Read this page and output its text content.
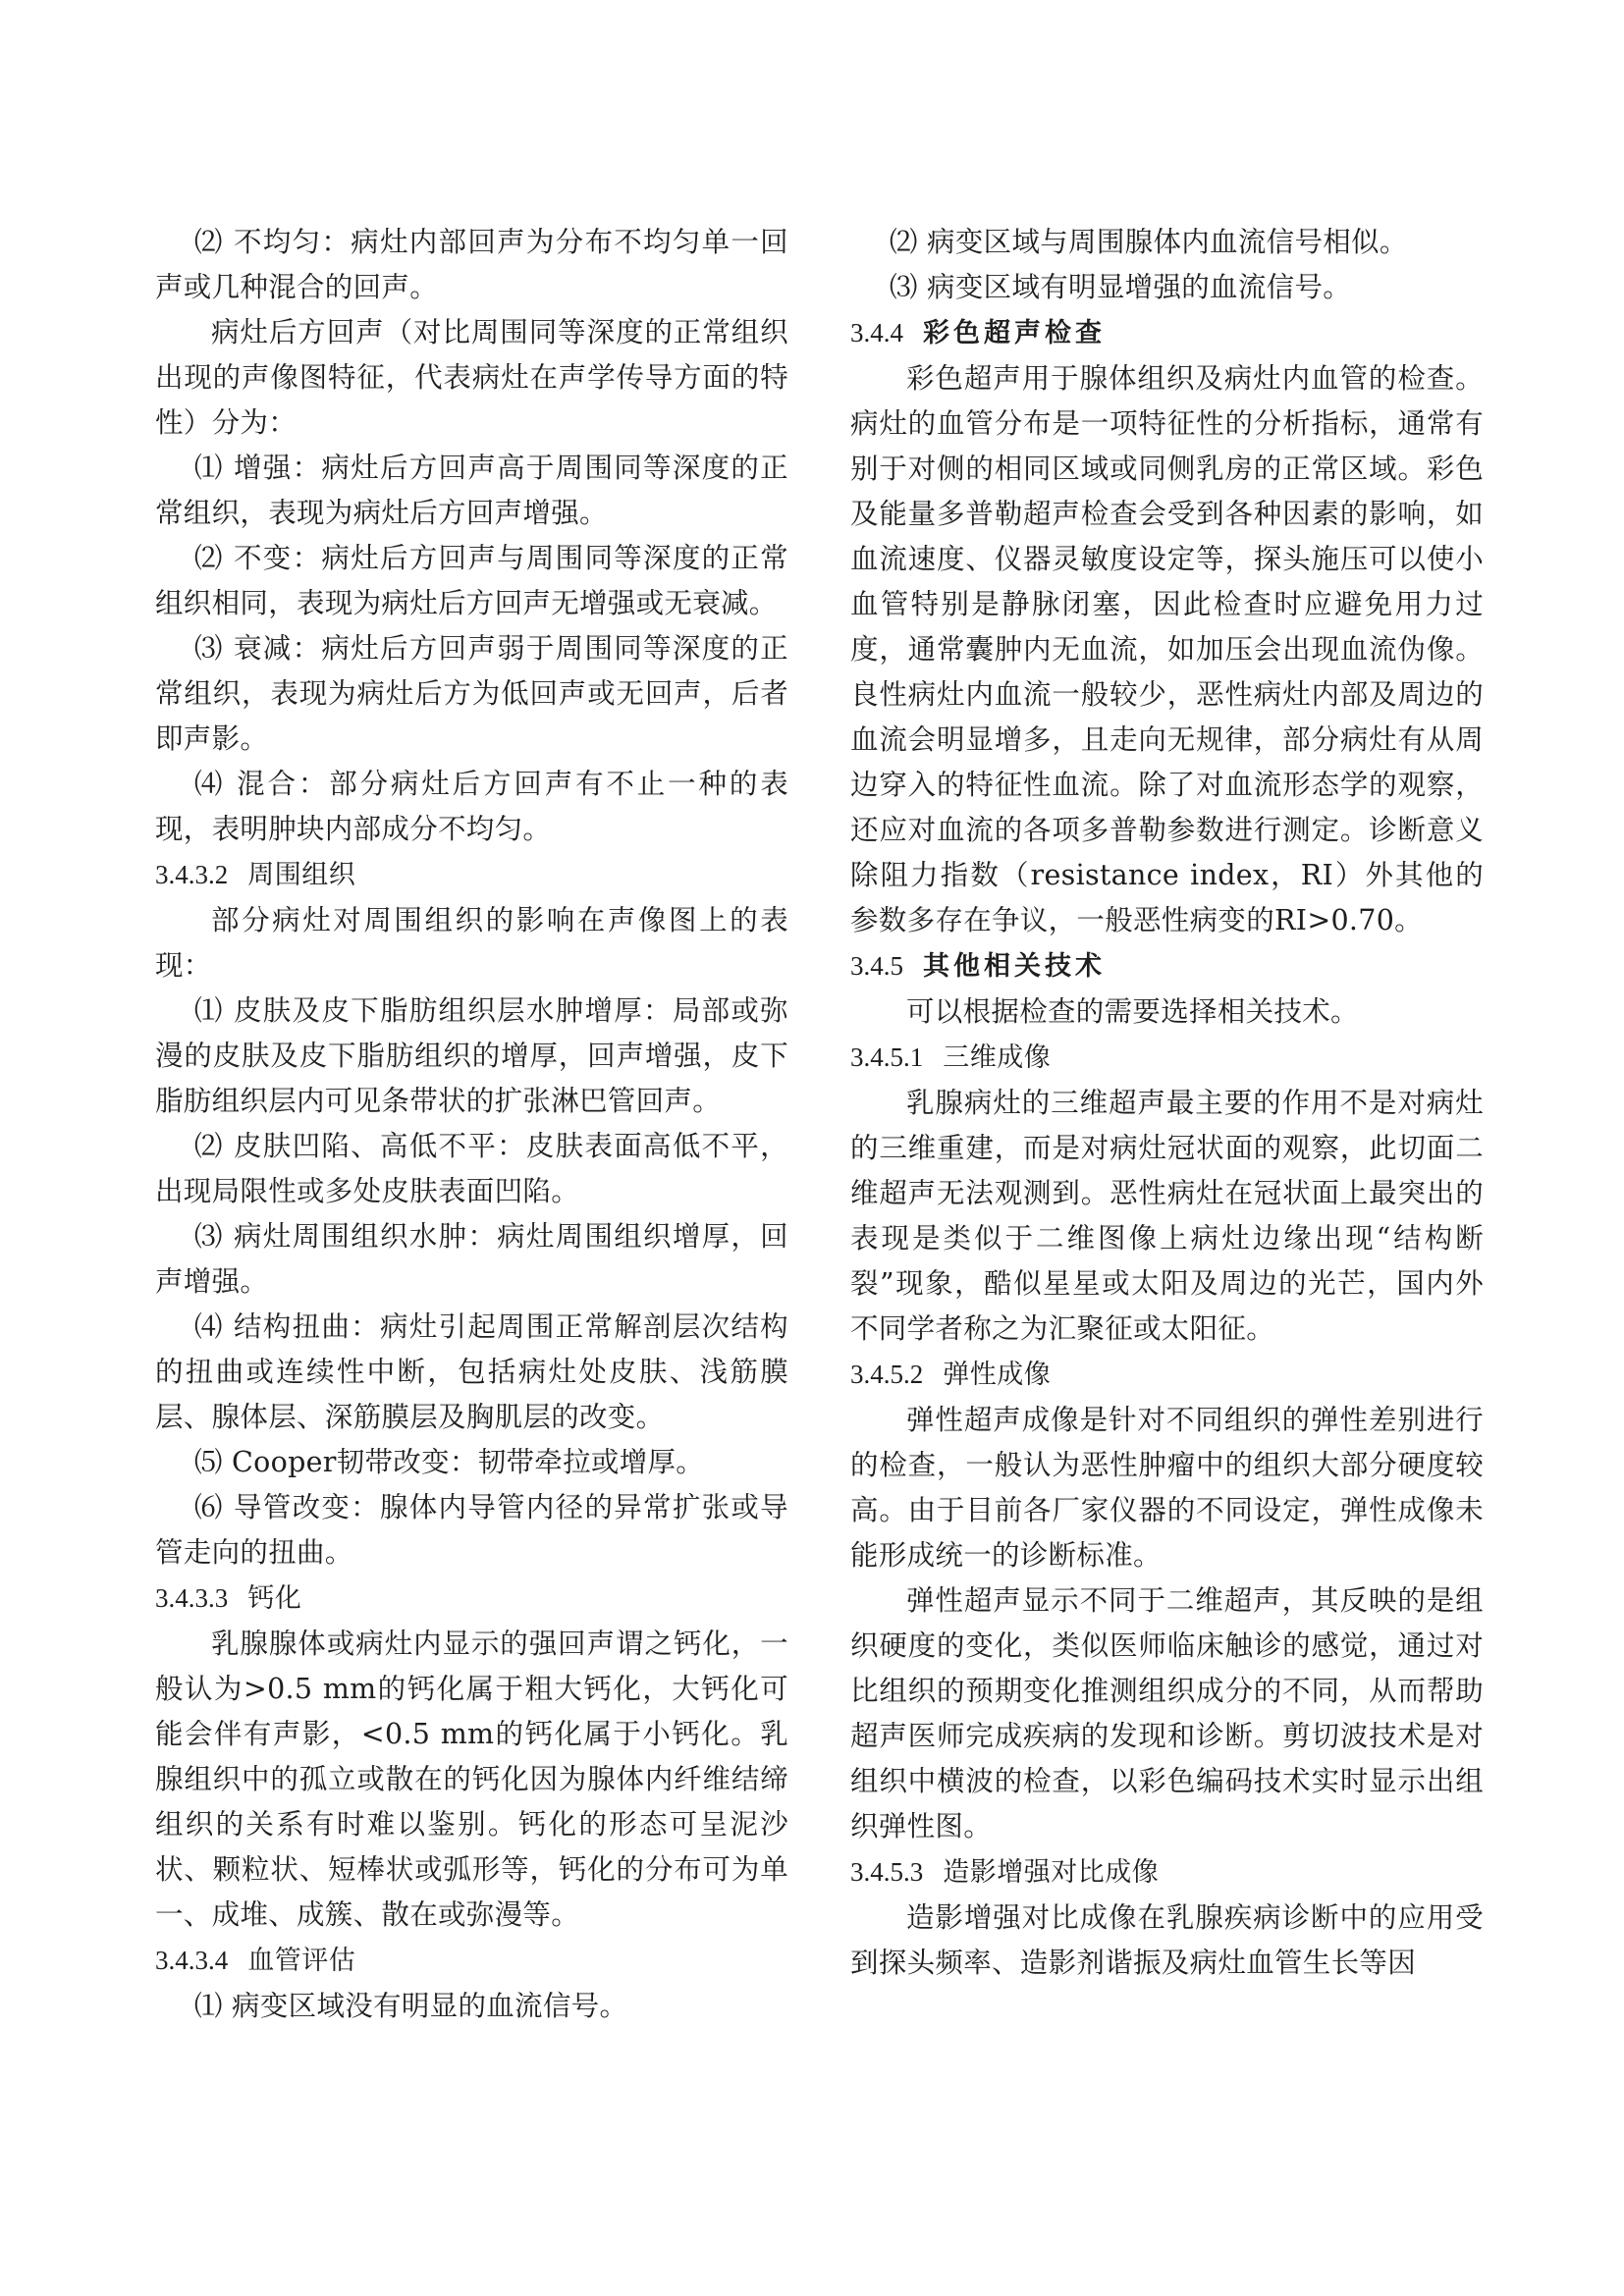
⑵ 不均匀：病灶内部回声为分布不均匀单一回声或几种混合的回声。

病灶后方回声（对比周围同等深度的正常组织出现的声像图特征，代表病灶在声学传导方面的特性）分为：

⑴ 增强：病灶后方回声高于周围同等深度的正常组织，表现为病灶后方回声增强。

⑵ 不变：病灶后方回声与周围同等深度的正常组织相同，表现为病灶后方回声无增强或无衰减。

⑶ 衰减：病灶后方回声弱于周围同等深度的正常组织，表现为病灶后方为低回声或无回声，后者即声影。

⑷ 混合：部分病灶后方回声有不止一种的表现，表明肿块内部成分不均匀。

3.4.3.2 周围组织

部分病灶对周围组织的影响在声像图上的表现：

⑴ 皮肤及皮下脂肪组织层水肿增厚：局部或弥漫的皮肤及皮下脂肪组织的增厚，回声增强，皮下脂肪组织层内可见条带状的扩张淋巴管回声。

⑵ 皮肤凹陷、高低不平：皮肤表面高低不平，出现局限性或多处皮肤表面凹陷。

⑶ 病灶周围组织水肿：病灶周围组织增厚，回声增强。

⑷ 结构扭曲：病灶引起周围正常解剖层次结构的扭曲或连续性中断，包括病灶处皮肤、浅筋膜层、腺体层、深筋膜层及胸肌层的改变。

⑸ Cooper韧带改变：韧带牵拉或增厚。

⑹ 导管改变：腺体内导管内径的异常扩张或导管走向的扭曲。

3.4.3.3 钙化

乳腺腺体或病灶内显示的强回声谓之钙化，一般认为>0.5 mm的钙化属于粗大钙化，大钙化可能会伴有声影，<0.5 mm的钙化属于小钙化。乳腺组织中的孤立或散在的钙化因为腺体内纤维结缔组织的关系有时难以鉴别。钙化的形态可呈泥沙状、颗粒状、短棒状或弧形等，钙化的分布可为单一、成堆、成簇、散在或弥漫等。

3.4.3.4 血管评估

⑴ 病变区域没有明显的血流信号。

⑵ 病变区域与周围腺体内血流信号相似。

⑶ 病变区域有明显增强的血流信号。

3.4.4 彩色超声检查

彩色超声用于腺体组织及病灶内血管的检查。病灶的血管分布是一项特征性的分析指标，通常有别于对侧的相同区域或同侧乳房的正常区域。彩色及能量多普勒超声检查会受到各种因素的影响，如血流速度、仪器灵敏度设定等，探头施压可以使小血管特别是静脉闭塞，因此检查时应避免用力过度，通常囊肿内无血流，如加压会出现血流伪像。良性病灶内血流一般较少，恶性病灶内部及周边的血流会明显增多，且走向无规律，部分病灶有从周边穿入的特征性血流。除了对血流形态学的观察，还应对血流的各项多普勒参数进行测定。诊断意义除阻力指数（resistance index，RI）外其他的参数多存在争议，一般恶性病变的RI>0.70。

3.4.5 其他相关技术

可以根据检查的需要选择相关技术。

3.4.5.1 三维成像

乳腺病灶的三维超声最主要的作用不是对病灶的三维重建，而是对病灶冠状面的观察，此切面二维超声无法观测到。恶性病灶在冠状面上最突出的表现是类似于二维图像上病灶边缘出现“结构断裂”现象，酷似星星或太阳及周边的光芒，国内外不同学者称之为汇聚征或太阳征。

3.4.5.2 弹性成像

弹性超声成像是针对不同组织的弹性差别进行的检查，一般认为恶性肿瘤中的组织大部分硬度较高。由于目前各厂家仪器的不同设定，弹性成像未能形成统一的诊断标准。

弹性超声显示不同于二维超声，其反映的是组织硬度的变化，类似医师临床触诊的感觉，通过对比组织的预期变化推测组织成分的不同，从而帮助超声医师完成疾病的发现和诊断。剪切波技术是对组织中横波的检查，以彩色编码技术实时显示出组织弹性图。

3.4.5.3 造影增强对比成像

造影增强对比成像在乳腺疾病诊断中的应用受到探头频率、造影剂谐振及病灶血管生长等因
